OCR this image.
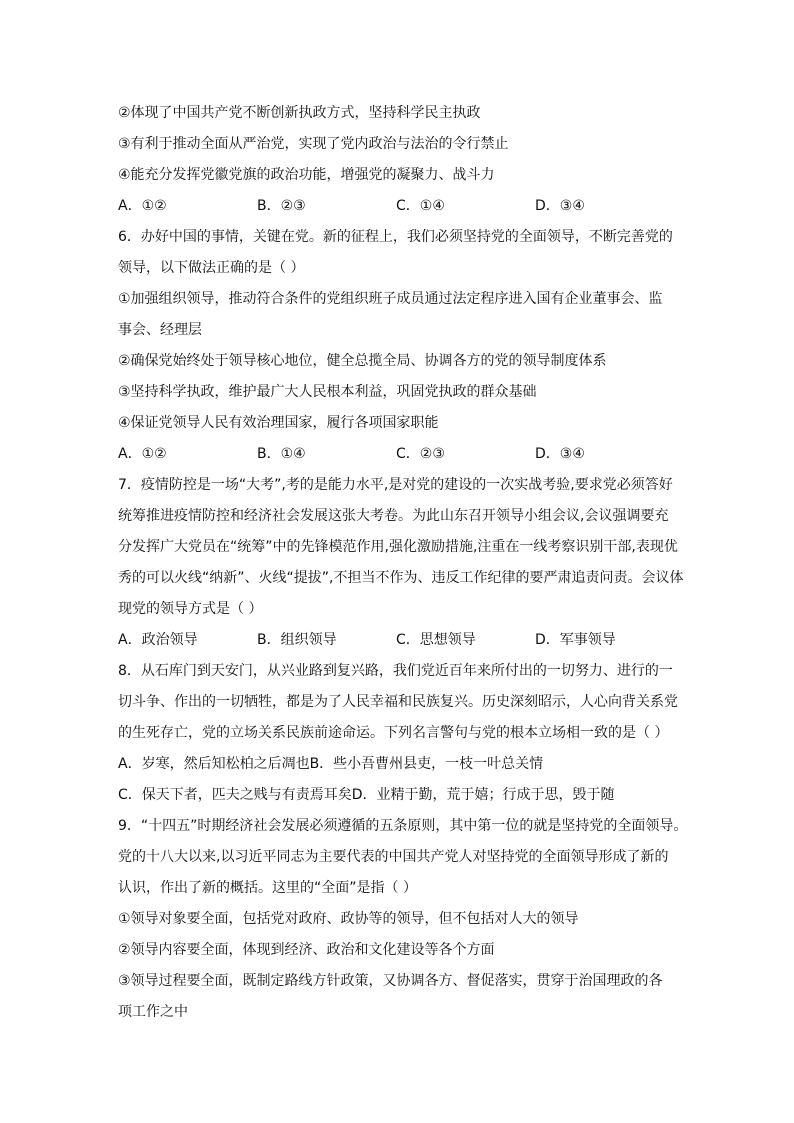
②体现了中国共产党不断创新执政方式，坚持科学民主执政
③有利于推动全面从严治党，实现了党内政治与法治的令行禁止
④能充分发挥党徽党旗的政治功能，增强党的凝聚力、战斗力
A．①②	B．②③	C．①④	D．③④
6．办好中国的事情，关键在党。新的征程上，我们必须坚持党的全面领导，不断完善党的
领导，以下做法正确的是（ ）
①加强组织领导，推动符合条件的党组织班子成员通过法定程序进入国有企业董事会、监
事会、经理层
②确保党始终处于领导核心地位，健全总揽全局、协调各方的党的领导制度体系
③坚持科学执政，维护最广大人民根本利益，巩固党执政的群众基础
④保证党领导人民有效治理国家，履行各项国家职能
A．①②	B．①④	C．②③	D．③④
7．疫情防控是一场“大考”,考的是能力水平,是对党的建设的一次实战考验,要求党必须答好
统筹推进疫情防控和经济社会发展这张大考卷。为此山东召开领导小组会议,会议强调要充
分发挥广大党员在“统筹”中的先锋模范作用,强化激励措施,注重在一线考察识别干部,表现优
秀的可以火线“纳新”、火线“提拔”,不担当不作为、违反工作纪律的要严肃追责问责。会议体
现党的领导方式是（ ）
A．政治领导	B．组织领导	C．思想领导	D．军事领导
8．从石库门到天安门，从兴业路到复兴路，我们党近百年来所付出的一切努力、进行的一
切斗争、作出的一切牺牲，都是为了人民幸福和民族复兴。历史深刻昭示，人心向背关系党
的生死存亡，党的立场关系民族前途命运。下列名言警句与党的根本立场相一致的是（ ）
A．岁寒，然后知松柏之后凋也 B．些小吾曹州县吏，一枝一叶总关情
C．保天下者，匹夫之贱与有责焉耳矣 D．业精于勤，荒于嬉；行成于思，毁于随
9．“十四五”时期经济社会发展必须遵循的五条原则，其中第一位的就是坚持党的全面领导。
党的十八大以来,以习近平同志为主要代表的中国共产党人对坚持党的全面领导形成了新的
认识，作出了新的概括。这里的“全面”是指（ ）
①领导对象要全面，包括党对政府、政协等的领导，但不包括对人大的领导
②领导内容要全面，体现到经济、政治和文化建设等各个方面
③领导过程要全面，既制定路线方针政策，又协调各方、督促落实，贯穿于治国理政的各
项工作之中
